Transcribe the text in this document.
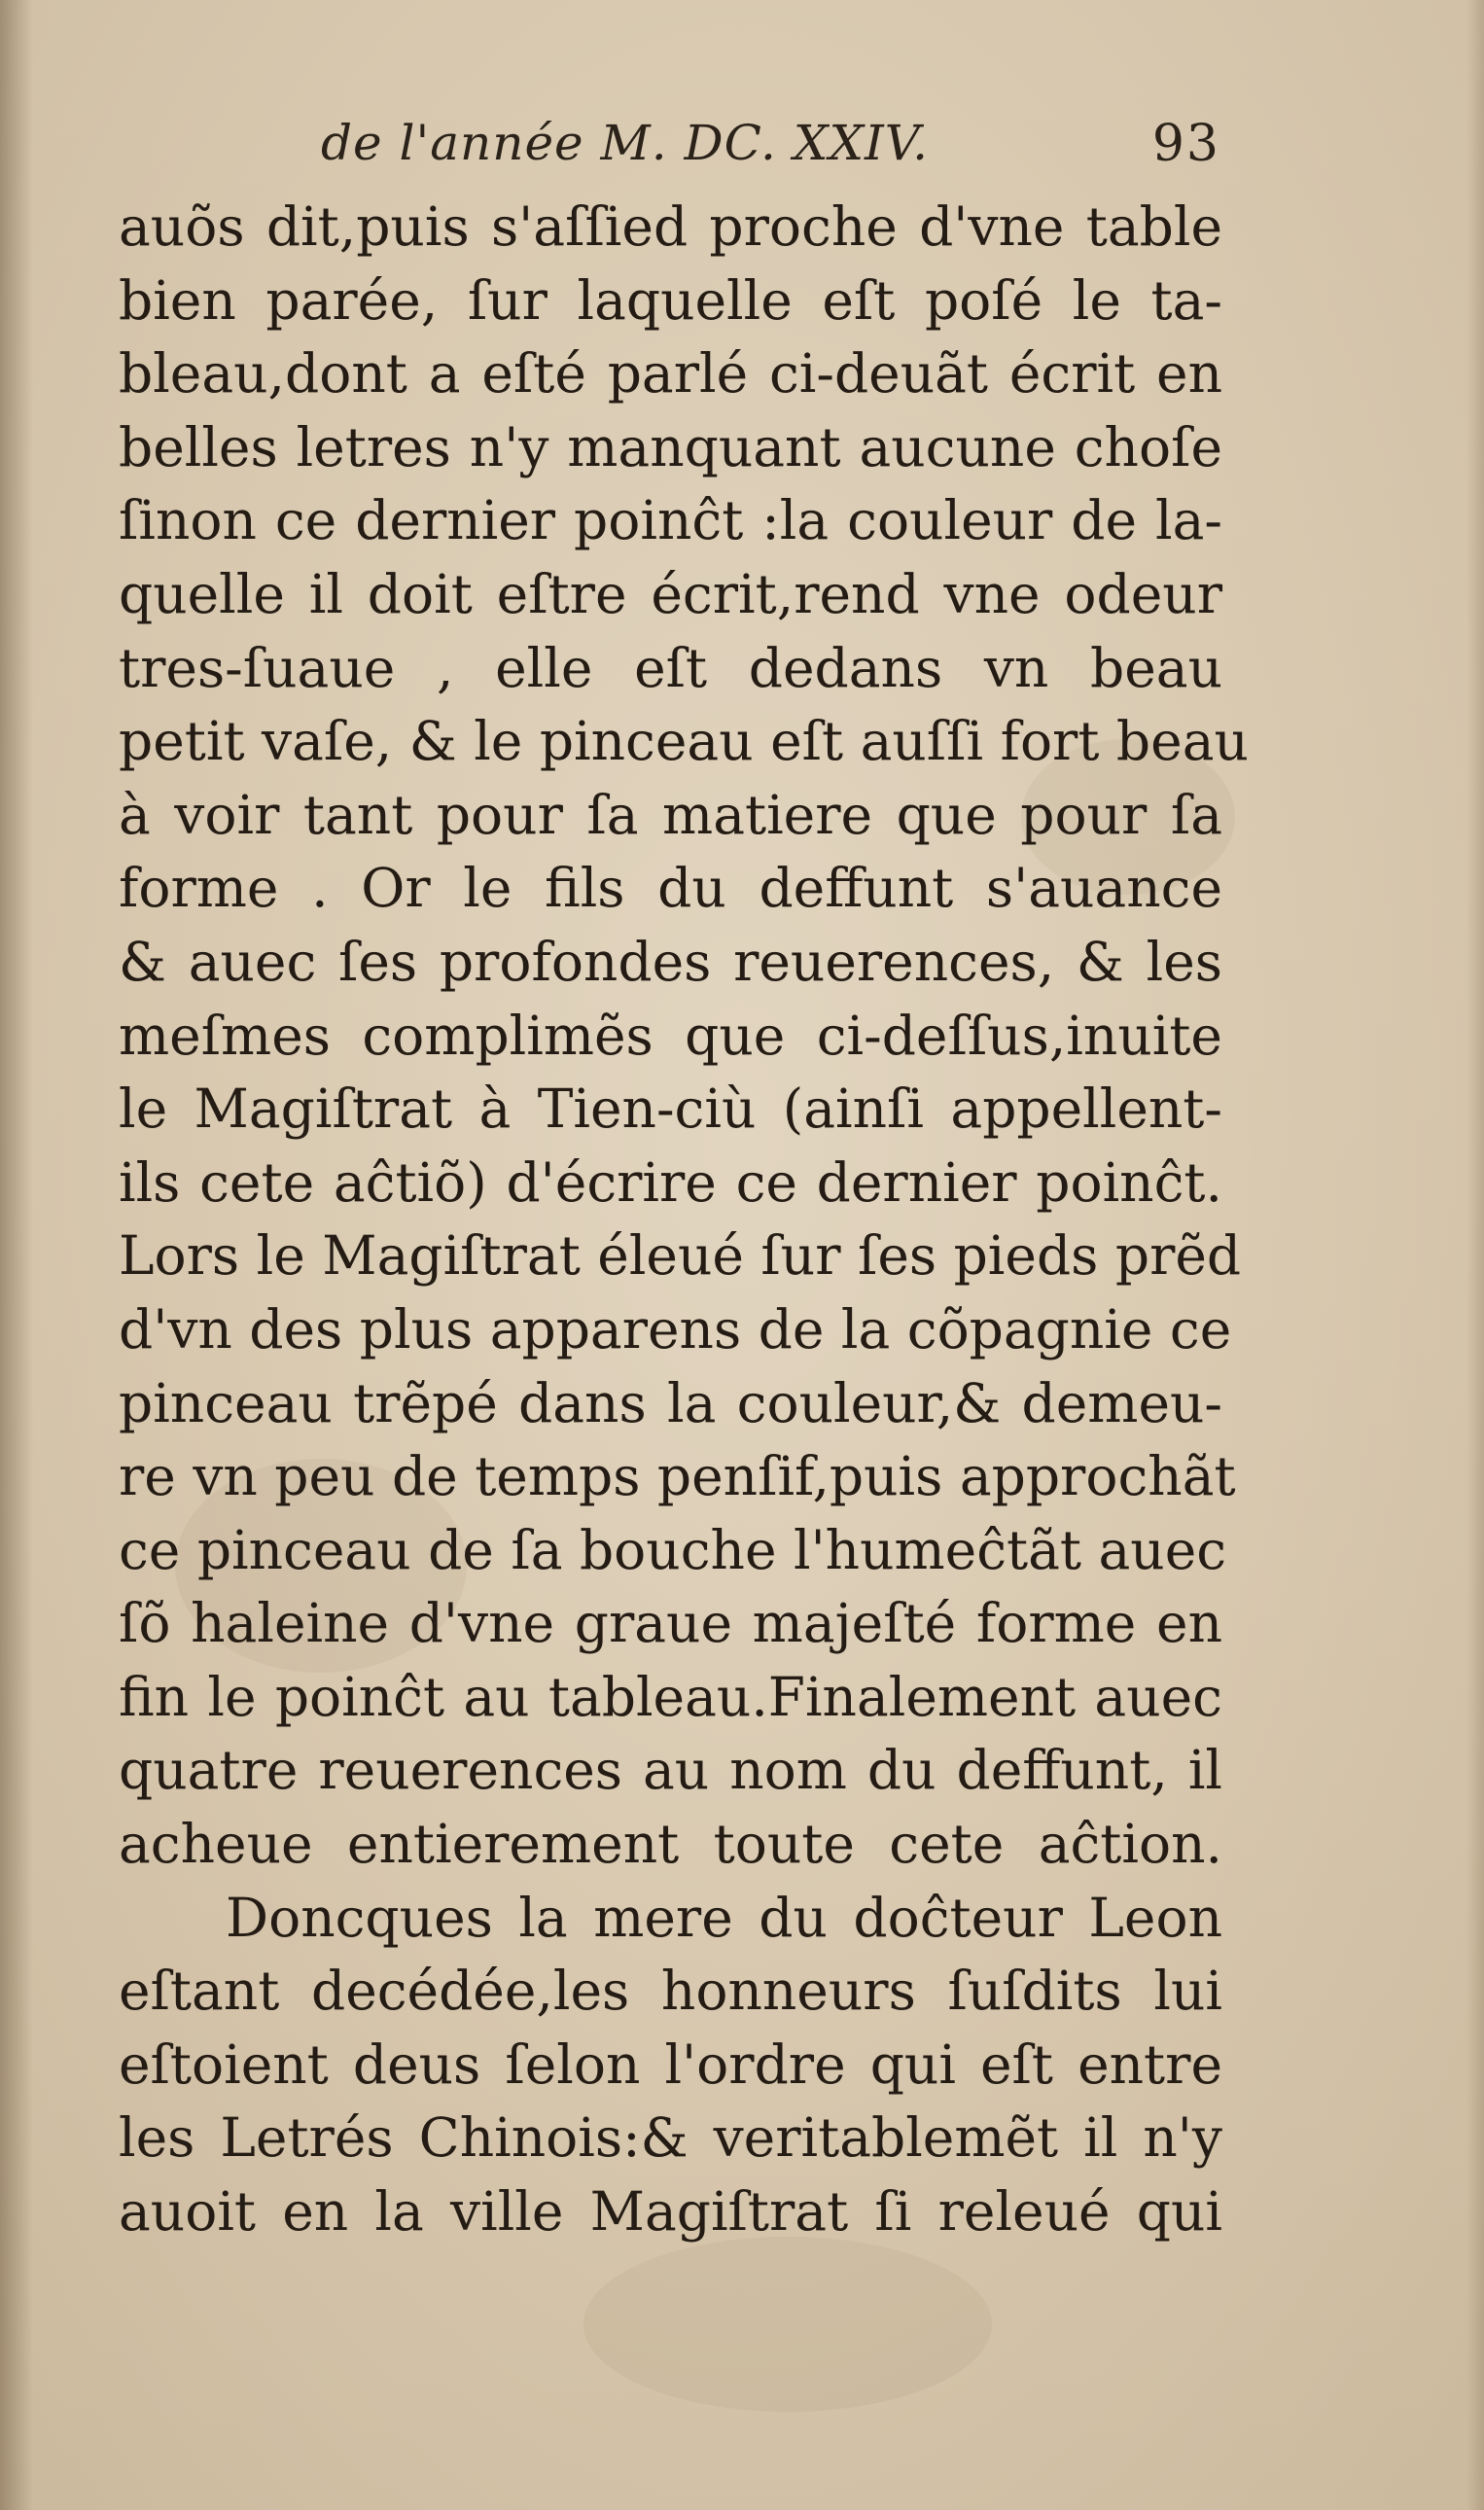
de l'année M. DC. XXIV.	93
auõs dit,puis s'aſſied proche d'vne table
bien parée, ſur laquelle eſt poſé le ta-
bleau,dont a eſté parlé ci-deuãt écrit en
belles letres n'y manquant aucune choſe
ſinon ce dernier poinĉt :la couleur de la-
quelle il doit eſtre écrit,rend vne odeur
tres-ſuaue , elle eſt dedans vn beau
petit vaſe, & le pinceau eſt auſſi fort beau
à voir tant pour ſa matiere que pour ſa
forme . Or le fils du deffunt s'auance
& auec ſes profondes reuerences, & les
meſmes complimẽs que ci-deſſus,inuite
le Magiſtrat à Tien-ciù (ainſi appellent-
ils cete aĉtiõ) d'écrire ce dernier poinĉt.
Lors le Magiſtrat éleué ſur ſes pieds prẽd
d'vn des plus apparens de la cõpagnie ce
pinceau trẽpé dans la couleur,& demeu-
re vn peu de temps penſif,puis approchãt
ce pinceau de ſa bouche l'humeĉtãt auec
ſõ haleine d'vne graue majeſté forme en
fin le poinĉt au tableau.Finalement auec
quatre reuerences au nom du deffunt, il
acheue entierement toute cete aĉtion.
Doncques la mere du doĉteur Leon
eſtant decédée,les honneurs ſuſdits lui
eſtoient deus ſelon l'ordre qui eſt entre
les Letrés Chinois:& veritablemẽt il n'y
auoit en la ville Magiſtrat ſi releué qui
